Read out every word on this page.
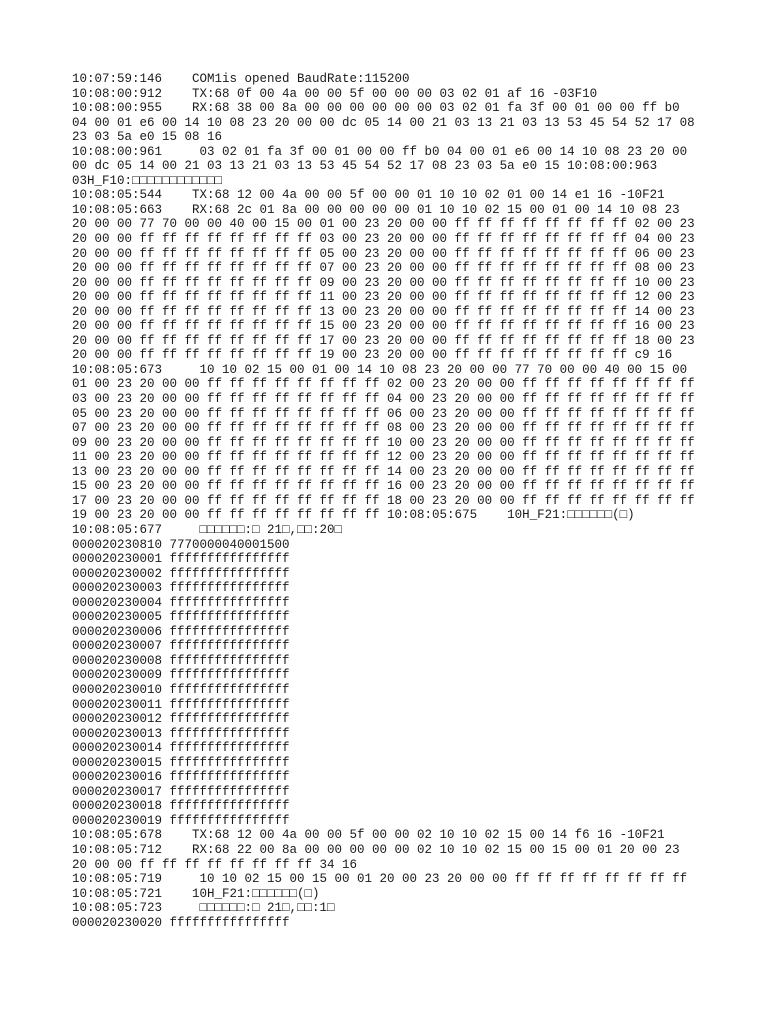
10:07:59:146    COM1is opened BaudRate:115200
10:08:00:912    TX:68 0f 00 4a 00 00 5f 00 00 00 03 02 01 af 16 -03F10
10:08:00:955    RX:68 38 00 8a 00 00 00 00 00 00 03 02 01 fa 3f 00 01 00 00 ff b0
04 00 01 e6 00 14 10 08 23 20 00 00 dc 05 14 00 21 03 13 21 03 13 53 45 54 52 17 08
23 03 5a e0 15 08 16
10:08:00:961     03 02 01 fa 3f 00 01 00 00 ff b0 04 00 01 e6 00 14 10 08 23 20 00
00 dc 05 14 00 21 03 13 21 03 13 53 45 54 52 17 08 23 03 5a e0 15 10:08:00:963
03H_F10:□□□□□□□□□□□□
10:08:05:544    TX:68 12 00 4a 00 00 5f 00 00 01 10 10 02 01 00 14 e1 16 -10F21
10:08:05:663    RX:68 2c 01 8a 00 00 00 00 00 01 10 10 02 15 00 01 00 14 10 08 23
20 00 00 77 70 00 00 40 00 15 00 01 00 23 20 00 00 ff ff ff ff ff ff ff ff 02 00 23
20 00 00 ff ff ff ff ff ff ff ff 03 00 23 20 00 00 ff ff ff ff ff ff ff ff 04 00 23
20 00 00 ff ff ff ff ff ff ff ff 05 00 23 20 00 00 ff ff ff ff ff ff ff ff 06 00 23
20 00 00 ff ff ff ff ff ff ff ff 07 00 23 20 00 00 ff ff ff ff ff ff ff ff 08 00 23
20 00 00 ff ff ff ff ff ff ff ff 09 00 23 20 00 00 ff ff ff ff ff ff ff ff 10 00 23
20 00 00 ff ff ff ff ff ff ff ff 11 00 23 20 00 00 ff ff ff ff ff ff ff ff 12 00 23
20 00 00 ff ff ff ff ff ff ff ff 13 00 23 20 00 00 ff ff ff ff ff ff ff ff 14 00 23
20 00 00 ff ff ff ff ff ff ff ff 15 00 23 20 00 00 ff ff ff ff ff ff ff ff 16 00 23
20 00 00 ff ff ff ff ff ff ff ff 17 00 23 20 00 00 ff ff ff ff ff ff ff ff 18 00 23
20 00 00 ff ff ff ff ff ff ff ff 19 00 23 20 00 00 ff ff ff ff ff ff ff ff c9 16
10:08:05:673     10 10 02 15 00 01 00 14 10 08 23 20 00 00 77 70 00 00 40 00 15 00
01 00 23 20 00 00 ff ff ff ff ff ff ff ff 02 00 23 20 00 00 ff ff ff ff ff ff ff ff
03 00 23 20 00 00 ff ff ff ff ff ff ff ff 04 00 23 20 00 00 ff ff ff ff ff ff ff ff
05 00 23 20 00 00 ff ff ff ff ff ff ff ff 06 00 23 20 00 00 ff ff ff ff ff ff ff ff
07 00 23 20 00 00 ff ff ff ff ff ff ff ff 08 00 23 20 00 00 ff ff ff ff ff ff ff ff
09 00 23 20 00 00 ff ff ff ff ff ff ff ff 10 00 23 20 00 00 ff ff ff ff ff ff ff ff
11 00 23 20 00 00 ff ff ff ff ff ff ff ff 12 00 23 20 00 00 ff ff ff ff ff ff ff ff
13 00 23 20 00 00 ff ff ff ff ff ff ff ff 14 00 23 20 00 00 ff ff ff ff ff ff ff ff
15 00 23 20 00 00 ff ff ff ff ff ff ff ff 16 00 23 20 00 00 ff ff ff ff ff ff ff ff
17 00 23 20 00 00 ff ff ff ff ff ff ff ff 18 00 23 20 00 00 ff ff ff ff ff ff ff ff
19 00 23 20 00 00 ff ff ff ff ff ff ff ff 10:08:05:675    10H_F21:□□□□□□(□)
10:08:05:677     □□□□□□:□ 21□,□□:20□
000020230810 7770000040001500
000020230001 ffffffffffffffff
000020230002 ffffffffffffffff
000020230003 ffffffffffffffff
000020230004 ffffffffffffffff
000020230005 ffffffffffffffff
000020230006 ffffffffffffffff
000020230007 ffffffffffffffff
000020230008 ffffffffffffffff
000020230009 ffffffffffffffff
000020230010 ffffffffffffffff
000020230011 ffffffffffffffff
000020230012 ffffffffffffffff
000020230013 ffffffffffffffff
000020230014 ffffffffffffffff
000020230015 ffffffffffffffff
000020230016 ffffffffffffffff
000020230017 ffffffffffffffff
000020230018 ffffffffffffffff
000020230019 ffffffffffffffff
10:08:05:678    TX:68 12 00 4a 00 00 5f 00 00 02 10 10 02 15 00 14 f6 16 -10F21
10:08:05:712    RX:68 22 00 8a 00 00 00 00 00 02 10 10 02 15 00 15 00 01 20 00 23
20 00 00 ff ff ff ff ff ff ff ff 34 16
10:08:05:719     10 10 02 15 00 15 00 01 20 00 23 20 00 00 ff ff ff ff ff ff ff ff
10:08:05:721    10H_F21:□□□□□□(□)
10:08:05:723     □□□□□□:□ 21□,□□:1□
000020230020 ffffffffffffffff
